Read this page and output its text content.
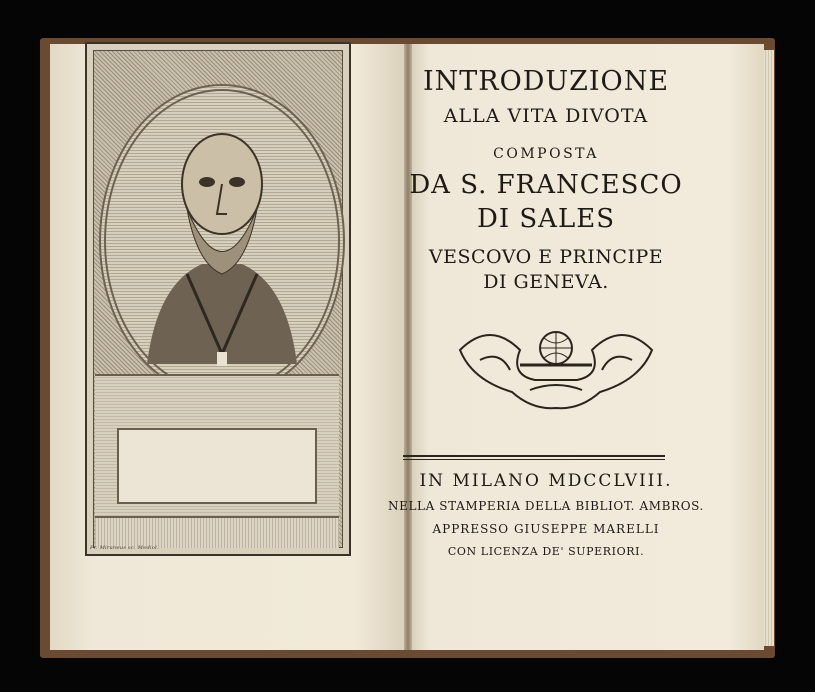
Fr. Miraneus sc. Mediol.
INTRODUZIONE
ALLA VITA DIVOTA
COMPOSTA
DA S. FRANCESCO
DI SALES
VESCOVO E PRINCIPE
DI GENEVA.
IN MILANO MDCCLVIII.
NELLA STAMPERIA DELLA BIBLIOT. AMBROS.
APPRESSO GIUSEPPE MARELLI
CON LICENZA DE' SUPERIORI.
